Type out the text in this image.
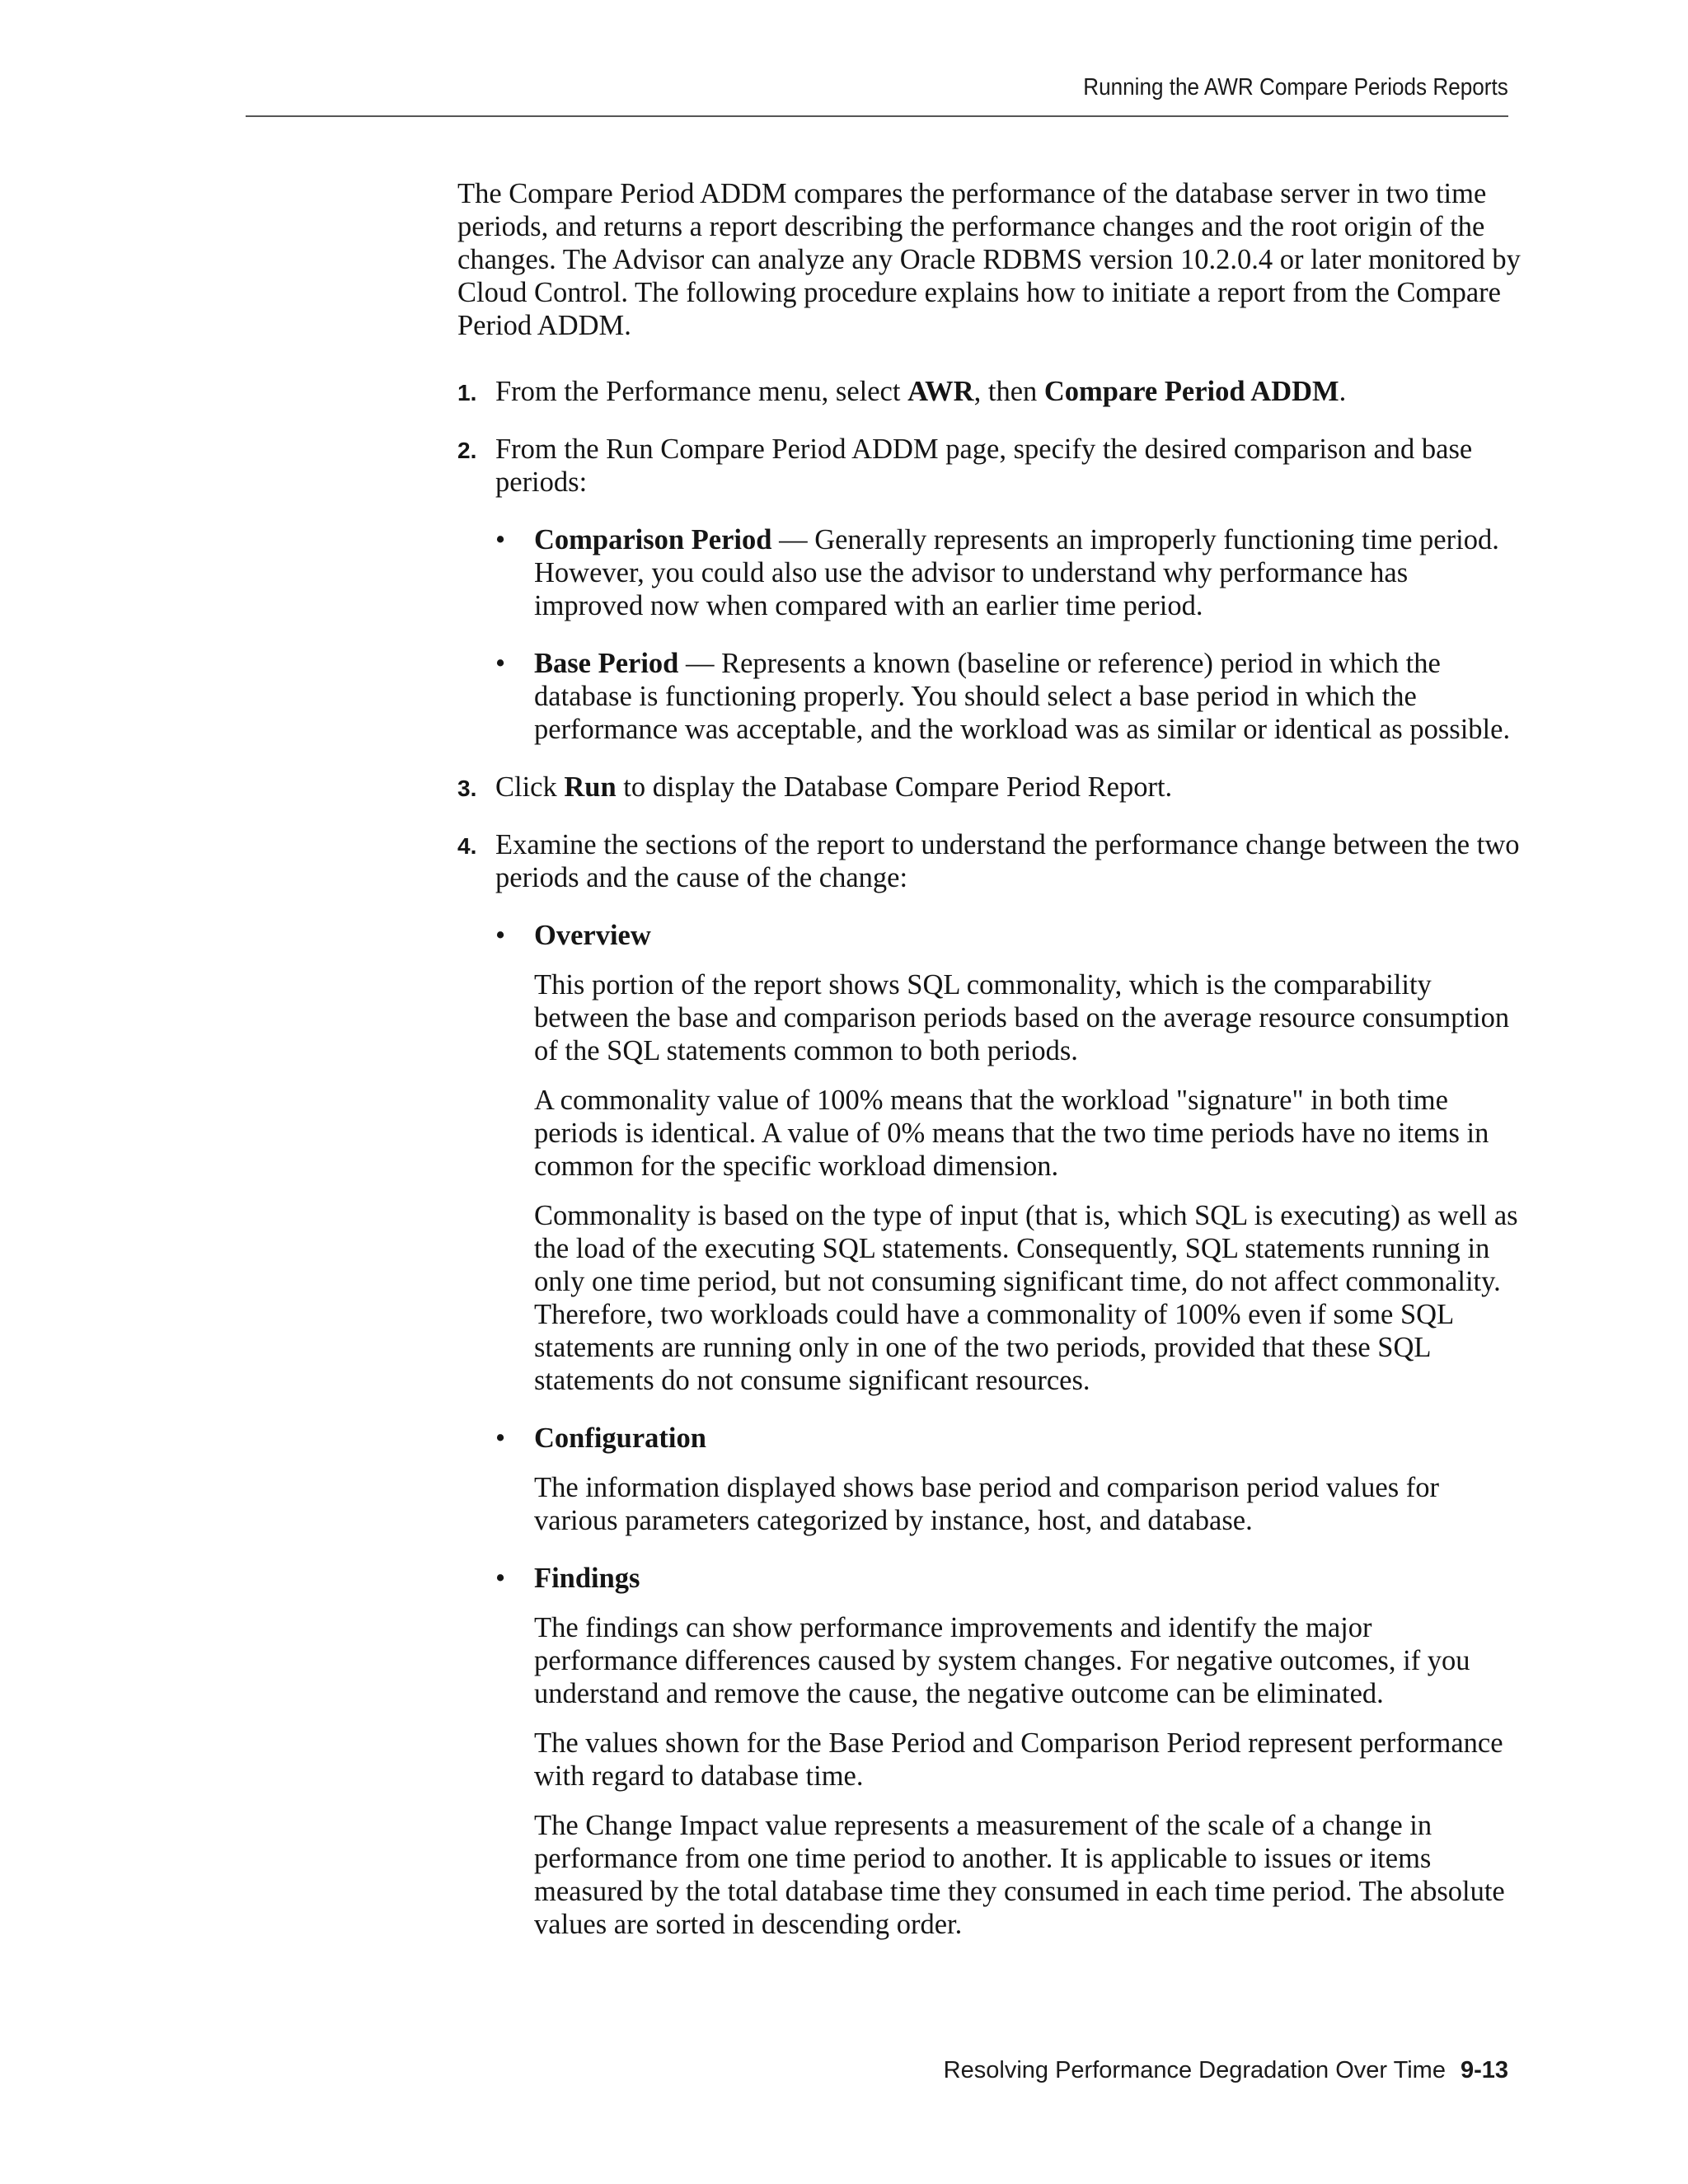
Running the AWR Compare Periods Reports

The Compare Period ADDM compares the performance of the database server in two time periods, and returns a report describing the performance changes and the root origin of the changes. The Advisor can analyze any Oracle RDBMS version 10.2.0.4 or later monitored by Cloud Control. The following procedure explains how to initiate a report from the Compare Period ADDM.

1. From the Performance menu, select AWR, then Compare Period ADDM.

2. From the Run Compare Period ADDM page, specify the desired comparison and base periods:

• Comparison Period — Generally represents an improperly functioning time period. However, you could also use the advisor to understand why performance has improved now when compared with an earlier time period.

• Base Period — Represents a known (baseline or reference) period in which the database is functioning properly. You should select a base period in which the performance was acceptable, and the workload was as similar or identical as possible.

3. Click Run to display the Database Compare Period Report.

4. Examine the sections of the report to understand the performance change between the two periods and the cause of the change:

• Overview

This portion of the report shows SQL commonality, which is the comparability between the base and comparison periods based on the average resource consumption of the SQL statements common to both periods.

A commonality value of 100% means that the workload "signature" in both time periods is identical. A value of 0% means that the two time periods have no items in common for the specific workload dimension.

Commonality is based on the type of input (that is, which SQL is executing) as well as the load of the executing SQL statements. Consequently, SQL statements running in only one time period, but not consuming significant time, do not affect commonality. Therefore, two workloads could have a commonality of 100% even if some SQL statements are running only in one of the two periods, provided that these SQL statements do not consume significant resources.

• Configuration

The information displayed shows base period and comparison period values for various parameters categorized by instance, host, and database.

• Findings

The findings can show performance improvements and identify the major performance differences caused by system changes. For negative outcomes, if you understand and remove the cause, the negative outcome can be eliminated.

The values shown for the Base Period and Comparison Period represent performance with regard to database time.

The Change Impact value represents a measurement of the scale of a change in performance from one time period to another. It is applicable to issues or items measured by the total database time they consumed in each time period. The absolute values are sorted in descending order.

Resolving Performance Degradation Over Time 9-13
